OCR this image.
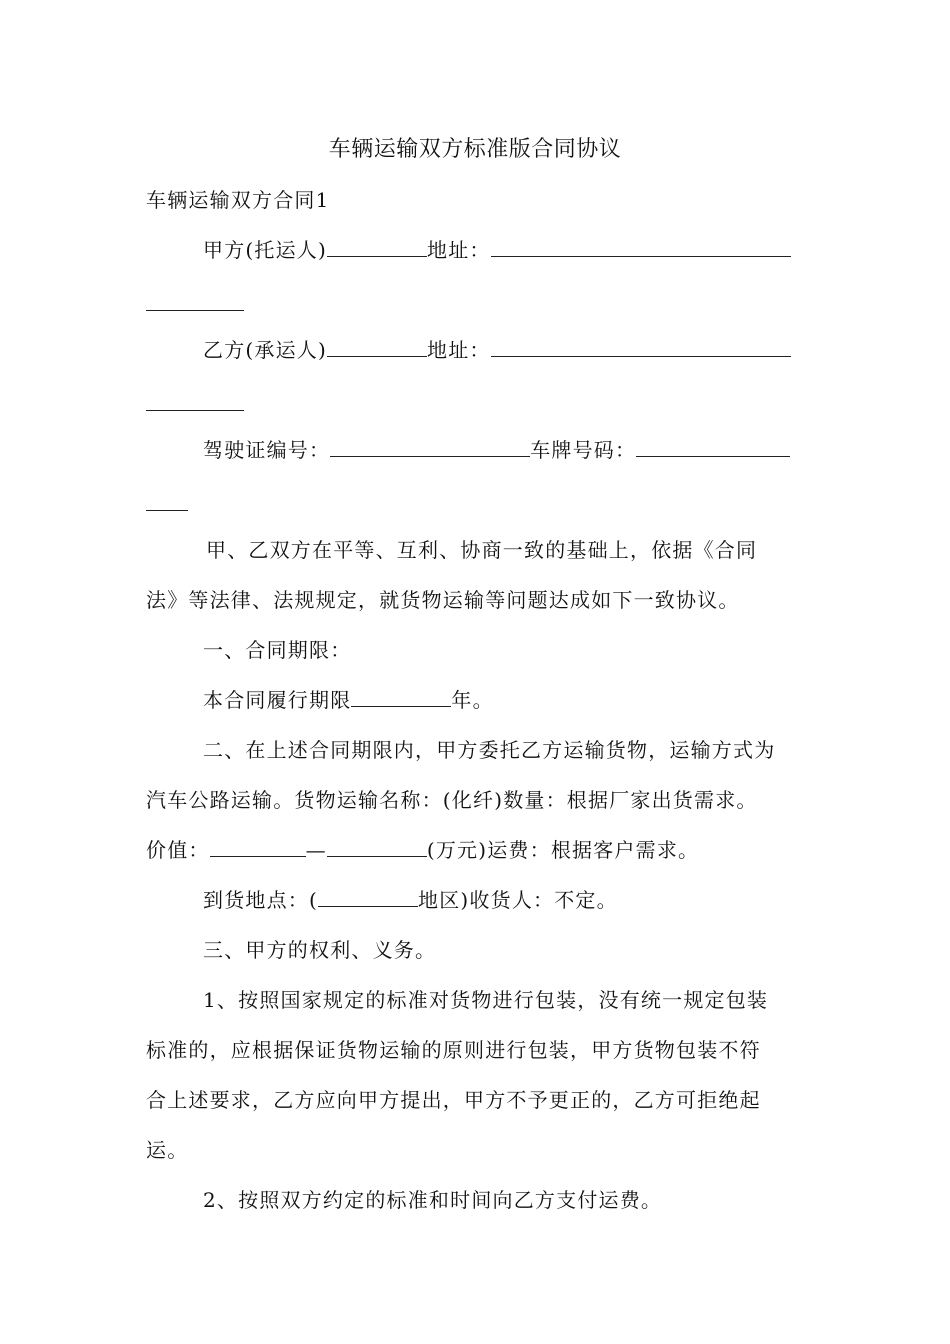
车辆运输双方标准版合同协议
车辆运输双方合同1
甲方(托运人)	地址：
乙方(承运人)	地址：
驾驶证编号：	车牌号码：
甲、乙双方在平等、互利、协商一致的基础上，依据《合同
法》等法律、法规规定，就货物运输等问题达成如下一致协议。
一、合同期限：
本合同履行期限	年。
二、在上述合同期限内，甲方委托乙方运输货物，运输方式为
汽车公路运输。货物运输名称：(化纤)数量：根据厂家出货需求。
价值：	—	(万元)运费：根据客户需求。
到货地点：(	地区)收货人：不定。
三、甲方的权利、义务。
1、按照国家规定的标准对货物进行包装，没有统一规定包装
标准的，应根据保证货物运输的原则进行包装，甲方货物包装不符
合上述要求，乙方应向甲方提出，甲方不予更正的，乙方可拒绝起
运。
2、按照双方约定的标准和时间向乙方支付运费。
